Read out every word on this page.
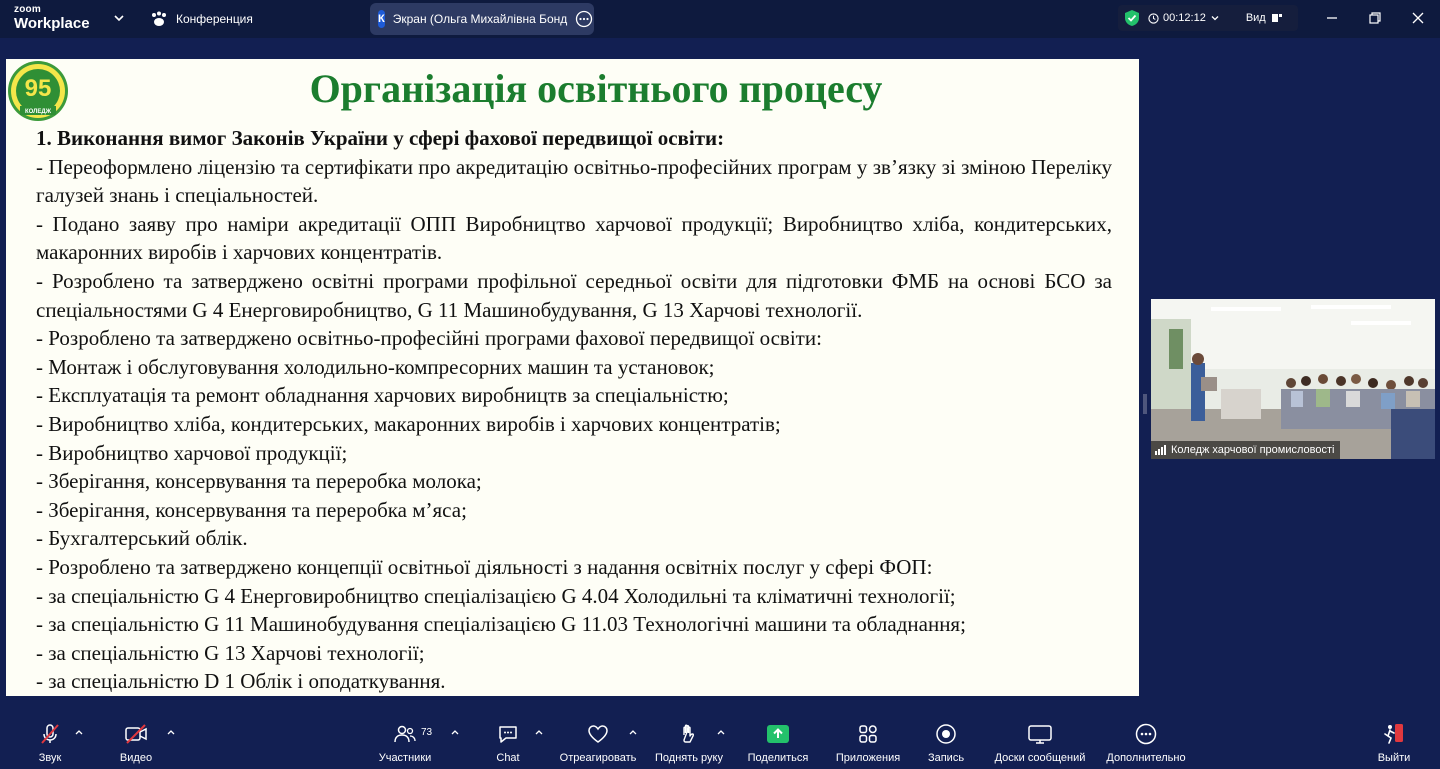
zoom
Workplace	Конференция	К Экран (Ольга Михайлівна Бонд	00:12:12	Вид
95
КОЛЕДЖ
Організація освітнього процесу

1. Виконання вимог Законів України у сфері фахової передвищої освіти:

- Переоформлено ліцензію та сертифікати про акредитацію освітньо-професійних програм у зв’язку зі зміною Переліку галузей знань і спеціальностей.

- Подано заяву про наміри акредитації ОПП Виробництво харчової продукції; Виробництво хліба, кондитерських, макаронних виробів і харчових концентратів.

- Розроблено та затверджено освітні програми профільної середньої освіти для підготовки ФМБ на основі БСО за спеціальностями G 4 Енерговиробництво, G 11 Машинобудування, G 13 Харчові технології.

- Розроблено та затверджено освітньо-професійні програми фахової передвищої освіти:

- Монтаж і обслуговування холодильно-компресорних машин та установок;

- Експлуатація та ремонт обладнання харчових виробництв за спеціальністю;

- Виробництво хліба, кондитерських, макаронних виробів і харчових концентратів;

- Виробництво харчової продукції;

- Зберігання, консервування та переробка молока;

- Зберігання, консервування та переробка м’яса;

- Бухгалтерський облік.

- Розроблено та затверджено концепції освітньої діяльності з надання освітніх послуг у сфері ФОП:

- за спеціальністю G 4 Енерговиробництво спеціалізацією G 4.04 Холодильні та кліматичні технології;

- за спеціальністю G 11 Машинобудування спеціалізацією G 11.03 Технологічні машини та обладнання;

- за спеціальністю G 13 Харчові технології;

- за спеціальністю D 1 Облік і оподаткування.

Коледж харчової промисловості
Звук	Видео	Участники
73
Chat	Отреагировать	Поднять руку	Поделиться	Приложения	Запись	Доски сообщений	Дополнительно	Выйти
